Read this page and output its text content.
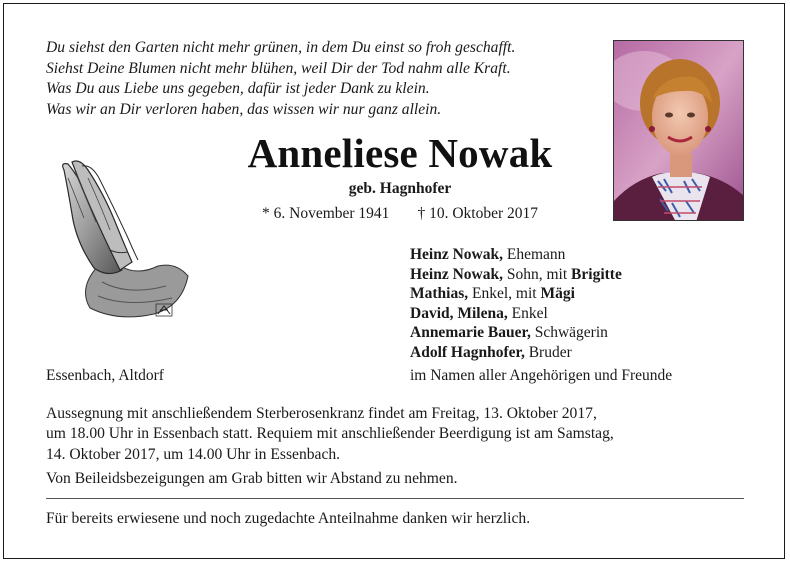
Du siehst den Garten nicht mehr grünen, in dem Du einst so froh geschafft.
Siehst Deine Blumen nicht mehr blühen, weil Dir der Tod nahm alle Kraft.
Was Du aus Liebe uns gegeben, dafür ist jeder Dank zu klein.
Was wir an Dir verloren haben, das wissen wir nur ganz allein.
Anneliese Nowak
geb. Hagnhofer
* 6. November 1941 † 10. Oktober 2017
Heinz Nowak, Ehemann
Heinz Nowak, Sohn, mit Brigitte
Mathias, Enkel, mit Mägi
David, Milena, Enkel
Annemarie Bauer, Schwägerin
Adolf Hagnhofer, Bruder
Essenbach, Altdorf	im Namen aller Angehörigen und Freunde
Aussegnung mit anschließendem Sterberosenkranz findet am Freitag, 13. Oktober 2017,
um 18.00 Uhr in Essenbach statt. Requiem mit anschließender Beerdigung ist am Samstag,
14. Oktober 2017, um 14.00 Uhr in Essenbach.
Von Beileidsbezeigungen am Grab bitten wir Abstand zu nehmen.
Für bereits erwiesene und noch zugedachte Anteilnahme danken wir herzlich.
